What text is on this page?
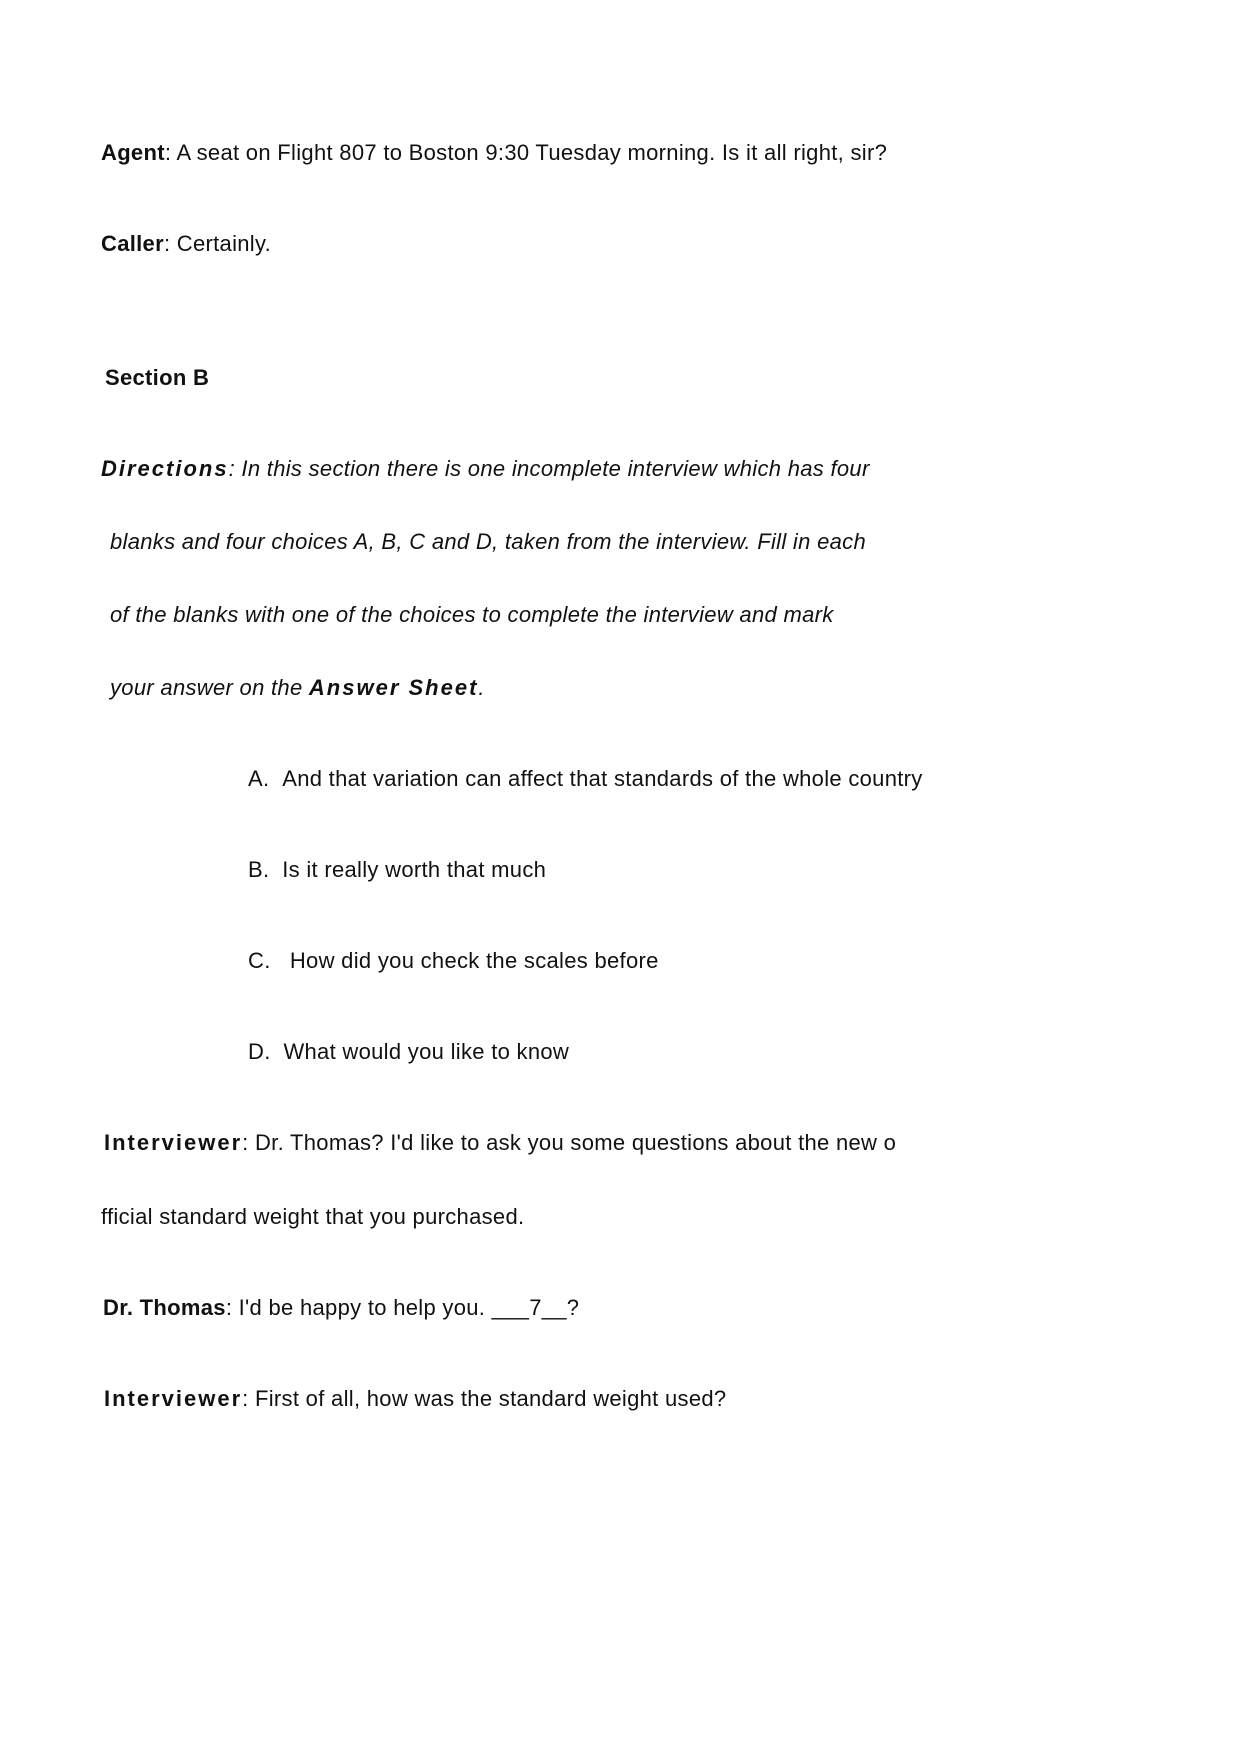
Agent: A seat on Flight 807 to Boston 9:30 Tuesday morning. Is it all right, sir?
Caller: Certainly.
Section B
Directions: In this section there is one incomplete interview which has four
blanks and four choices A, B, C and D, taken from the interview. Fill in each
of the blanks with one of the choices to complete the interview and mark
your answer on the Answer Sheet.
A. And that variation can affect that standards of the whole country
B. Is it really worth that much
C. How did you check the scales before
D. What would you like to know
Interviewer: Dr. Thomas? I'd like to ask you some questions about the new o
fficial standard weight that you purchased.
Dr. Thomas: I'd be happy to help you. ___7__?
Interviewer: First of all, how was the standard weight used?
